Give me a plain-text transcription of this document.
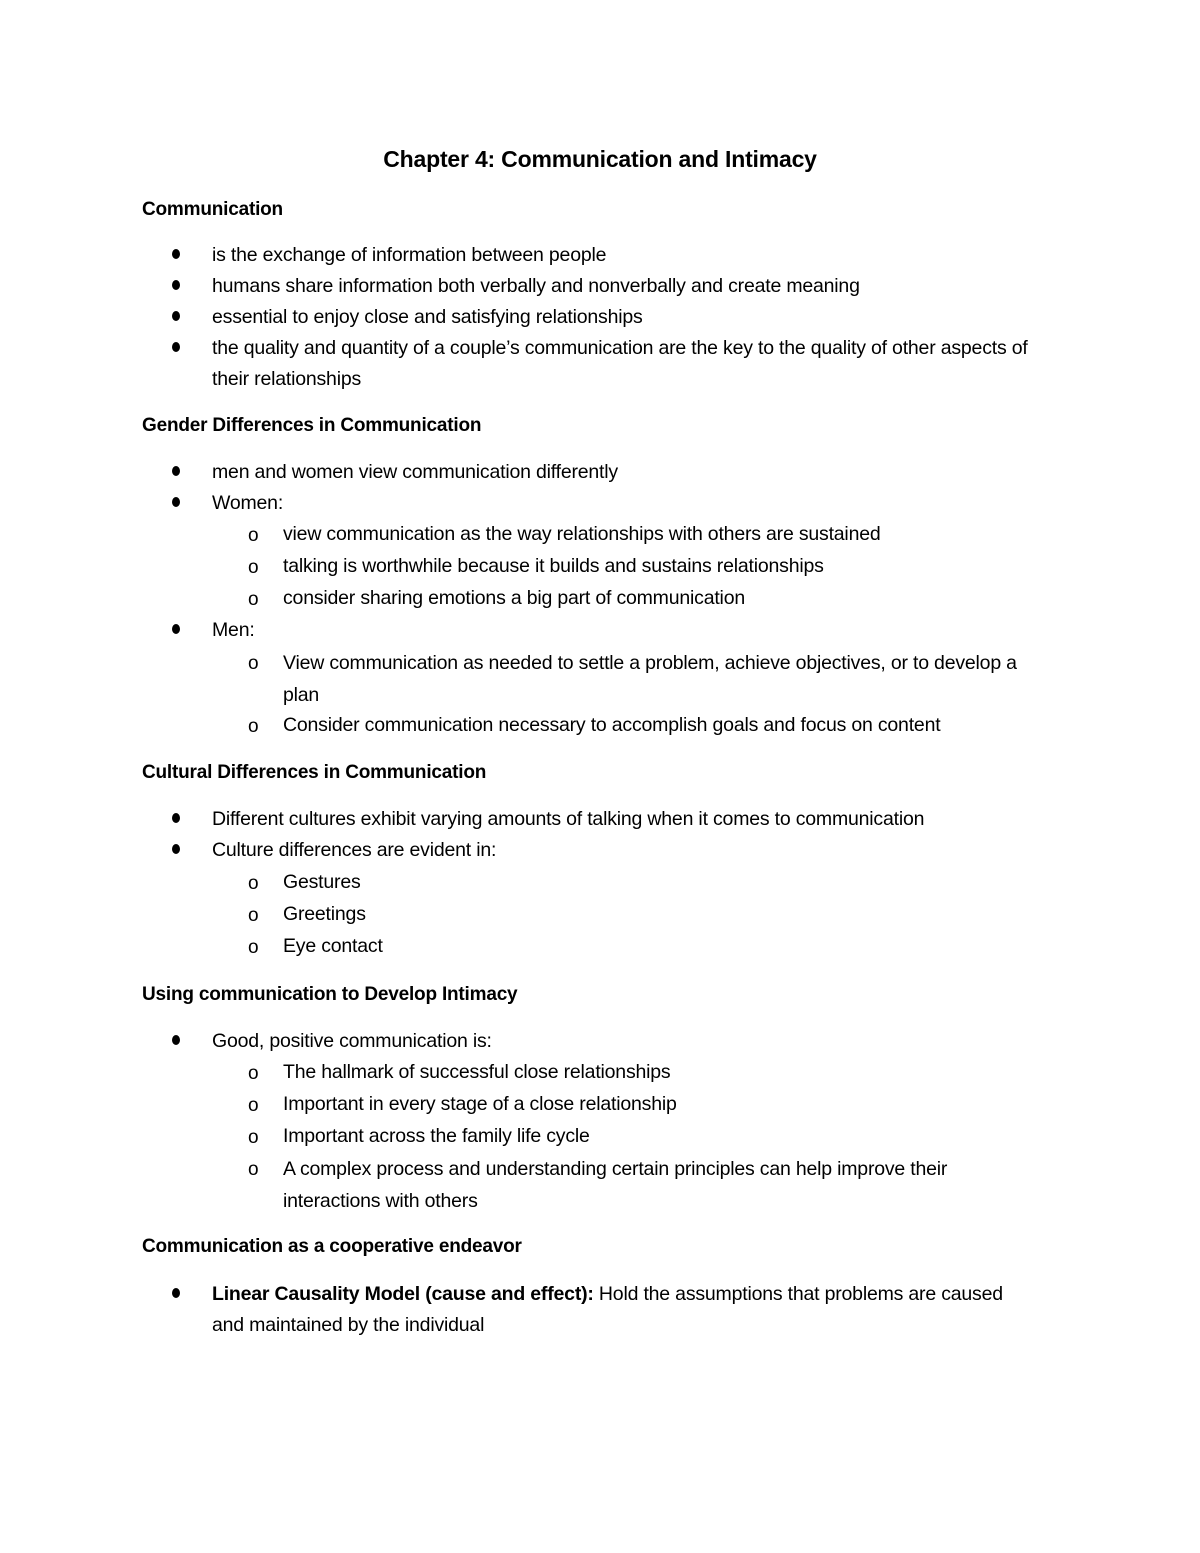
Chapter 4: Communication and Intimacy
Communication
is the exchange of information between people
humans share information both verbally and nonverbally and create meaning
essential to enjoy close and satisfying relationships
the quality and quantity of a couple’s communication are the key to the quality of other aspects of their relationships
Gender Differences in Communication
men and women view communication differently
Women:
o view communication as the way relationships with others are sustained
o talking is worthwhile because it builds and sustains relationships
o consider sharing emotions a big part of communication
Men:
o View communication as needed to settle a problem, achieve objectives, or to develop a plan
o Consider communication necessary to accomplish goals and focus on content
Cultural Differences in Communication
Different cultures exhibit varying amounts of talking when it comes to communication
Culture differences are evident in:
o Gestures
o Greetings
o Eye contact
Using communication to Develop Intimacy
Good, positive communication is:
o The hallmark of successful close relationships
o Important in every stage of a close relationship
o Important across the family life cycle
o A complex process and understanding certain principles can help improve their interactions with others
Communication as a cooperative endeavor
Linear Causality Model (cause and effect): Hold the assumptions that problems are caused and maintained by the individual
